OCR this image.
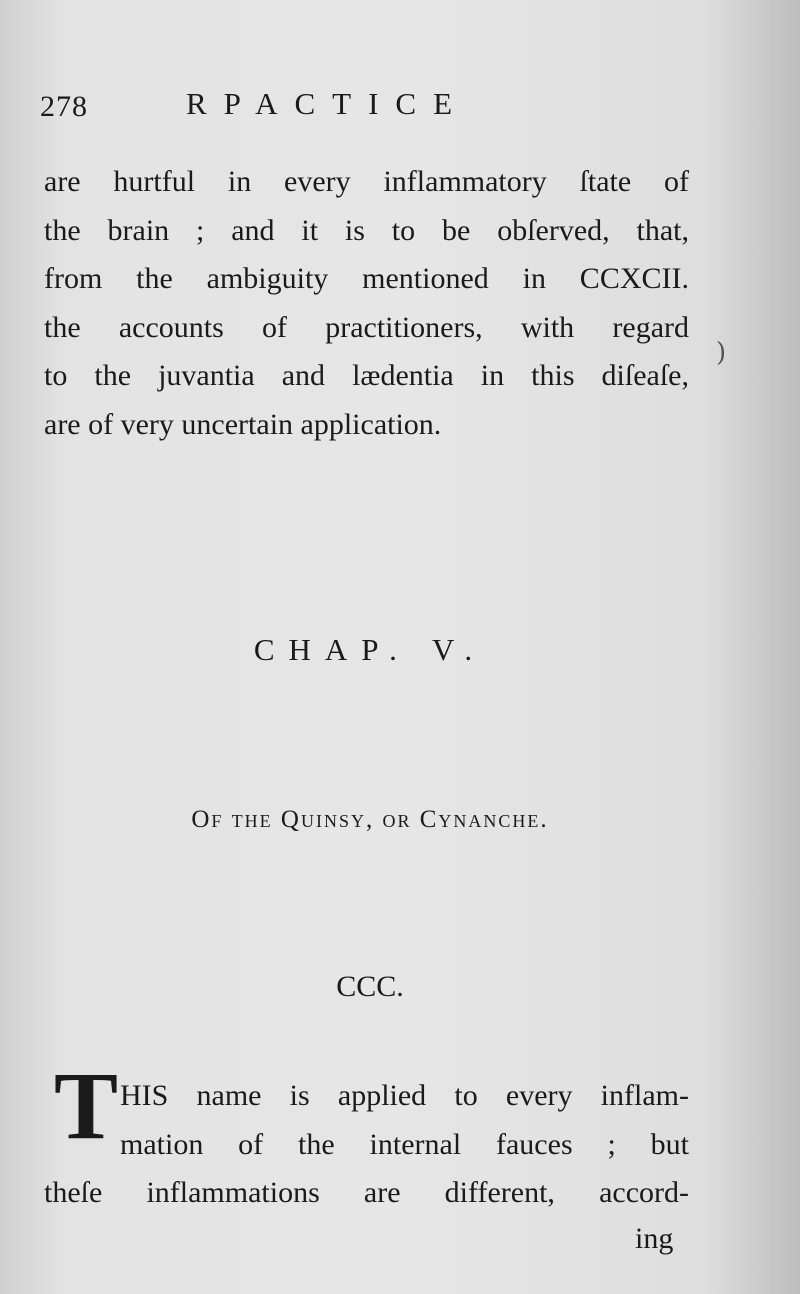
278	RPACTICE
are hurtful in every inflammatory ſtate of
the brain ; and it is to be obſerved, that,
from the ambiguity mentioned in CCXCII.
the accounts of practitioners, with regard
to the juvantia and lædentia in this diſeaſe,
are of very uncertain application.
)
CHAP. V.
Of the Quinsy, or Cynanche.
CCC.
T HIS name is applied to every inflam-
mation of the internal fauces ; but
theſe inflammations are different, accord-
ing
